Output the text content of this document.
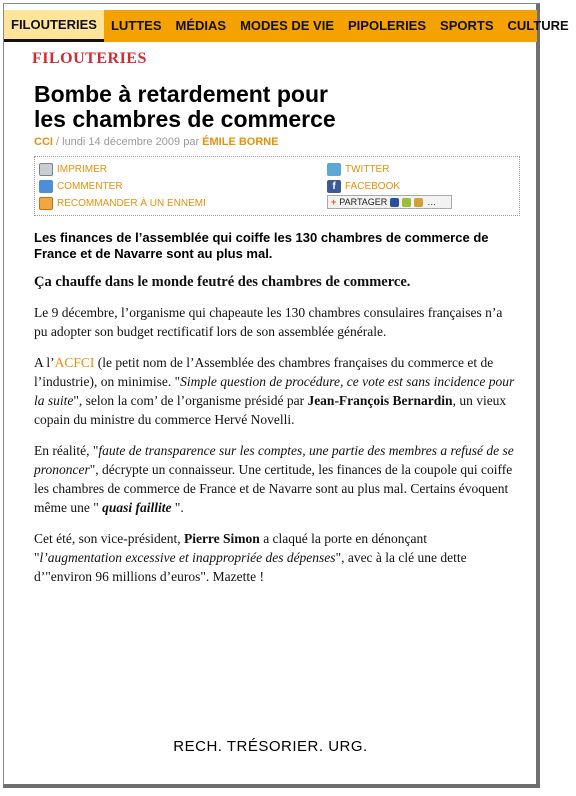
FILOUTERIES	LUTTES	MÉDIAS	MODES DE VIE	PIPOLERIES	SPORTS	CULTURE
FILOUTERIES
Bombe à retardement pour les chambres de commerce
CCI / lundi 14 décembre 2009 par ÉMILE BORNE
IMPRIMER
COMMENTER
RECOMMANDER À UN ENNEMI
TWITTER
f FACEBOOK
+ PARTAGER	…
Les finances de l’assemblée qui coiffe les 130 chambres de commerce de France et de Navarre sont au plus mal.
Ça chauffe dans le monde feutré des chambres de commerce.

Le 9 décembre, l’organisme qui chapeaute les 130 chambres consulaires françaises n’a pu adopter son budget rectificatif lors de son assemblée générale.

A l’ACFCI (le petit nom de l’Assemblée des chambres françaises du commerce et de l’industrie), on minimise. "Simple question de procédure, ce vote est sans incidence pour la suite", selon la com’ de l’organisme présidé par Jean-François Bernardin, un vieux copain du ministre du commerce Hervé Novelli.

En réalité, "faute de transparence sur les comptes, une partie des membres a refusé de se prononcer", décrypte un connaisseur. Une certitude, les finances de la coupole qui coiffe les chambres de commerce de France et de Navarre sont au plus mal. Certains évoquent même une " quasi faillite ".

Cet été, son vice-président, Pierre Simon a claqué la porte en dénonçant "l’augmentation excessive et inappropriée des dépenses", avec à la clé une dette d’"environ 96 millions d’euros". Mazette !

RECH. TRÉSORIER. URG.
